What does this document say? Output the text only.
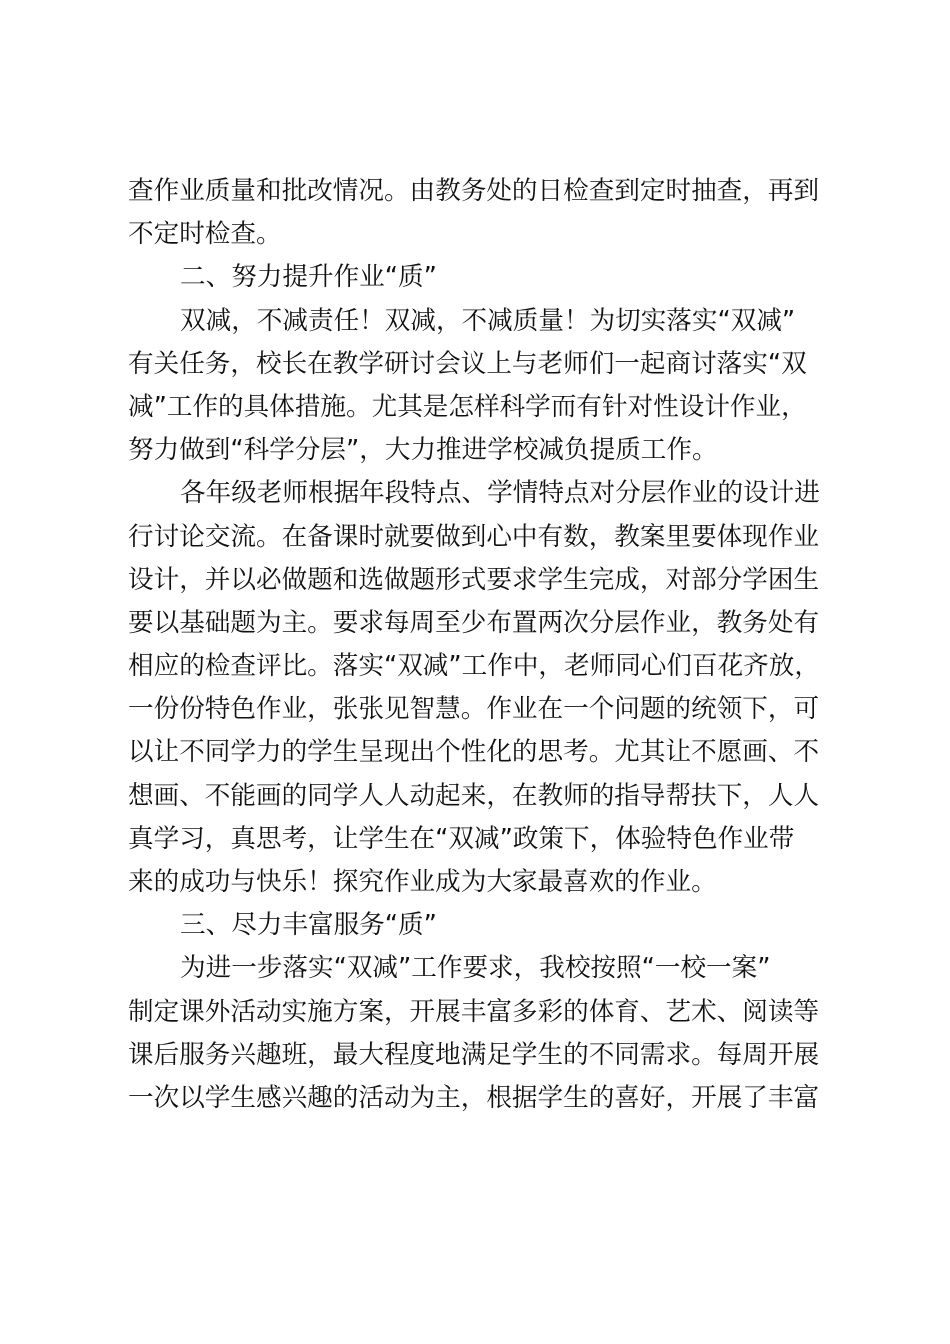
查作业质量和批改情况。由教务处的日检查到定时抽查，再到
不定时检查。
二、努力提升作业“质”
双减，不减责任！双减，不减质量！为切实落实“双减”
有关任务，校长在教学研讨会议上与老师们一起商讨落实“双
减”工作的具体措施。尤其是怎样科学而有针对性设计作业，
努力做到“科学分层”，大力推进学校减负提质工作。
各年级老师根据年段特点、学情特点对分层作业的设计进
行讨论交流。在备课时就要做到心中有数，教案里要体现作业
设计，并以必做题和选做题形式要求学生完成，对部分学困生
要以基础题为主。要求每周至少布置两次分层作业，教务处有
相应的检查评比。落实“双减”工作中，老师同心们百花齐放，
一份份特色作业，张张见智慧。作业在一个问题的统领下，可
以让不同学力的学生呈现出个性化的思考。尤其让不愿画、不
想画、不能画的同学人人动起来，在教师的指导帮扶下，人人
真学习，真思考，让学生在“双减”政策下，体验特色作业带
来的成功与快乐！探究作业成为大家最喜欢的作业。
三、尽力丰富服务“质”
为进一步落实“双减”工作要求，我校按照“一校一案”
制定课外活动实施方案，开展丰富多彩的体育、艺术、阅读等
课后服务兴趣班，最大程度地满足学生的不同需求。每周开展
一次以学生感兴趣的活动为主，根据学生的喜好，开展了丰富
